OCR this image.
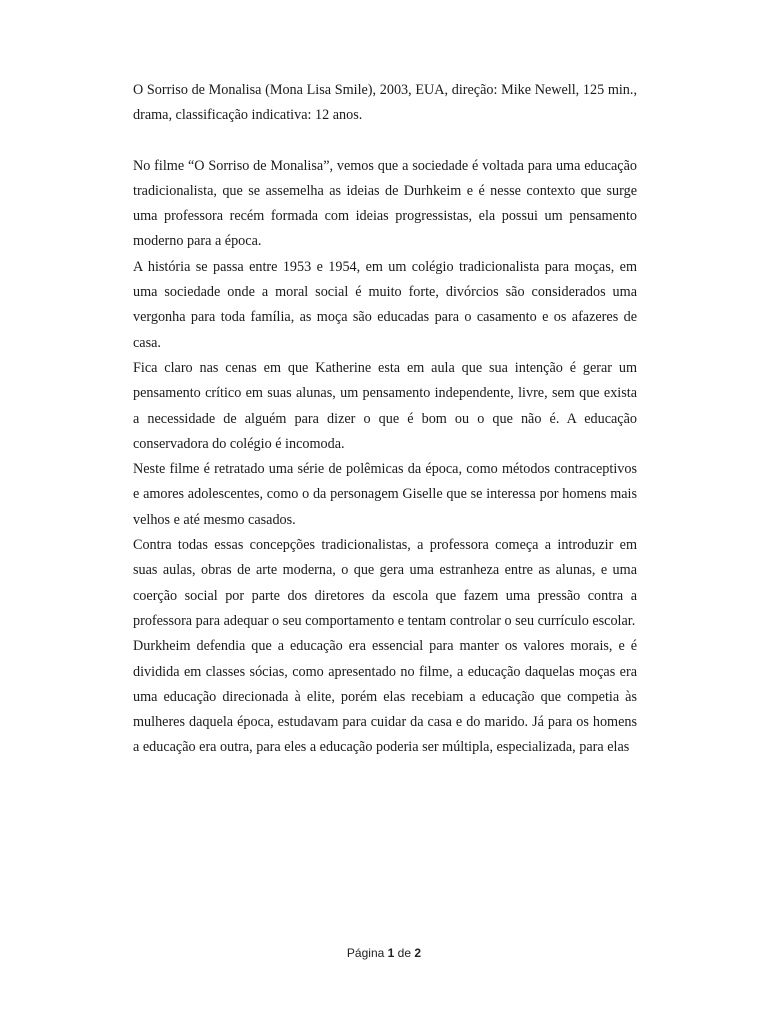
O Sorriso de Monalisa (Mona Lisa Smile), 2003, EUA, direção: Mike Newell, 125 min., drama, classificação indicativa: 12 anos.

No filme “O Sorriso de Monalisa”, vemos que a sociedade é voltada para uma educação tradicionalista, que se assemelha as ideias de Durhkeim e é nesse contexto que surge uma professora recém formada com ideias progressistas, ela possui um pensamento moderno para a época.

A história se passa entre 1953 e 1954, em um colégio tradicionalista para moças, em uma sociedade onde a moral social é muito forte, divórcios são considerados uma vergonha para toda família, as moça são educadas para o casamento e os afazeres de casa.

Fica claro nas cenas em que Katherine esta em aula que sua intenção é gerar um pensamento crítico em suas alunas, um pensamento independente, livre, sem que exista a necessidade de alguém para dizer o que é bom ou o que não é. A educação conservadora do colégio é incomoda.

Neste filme é retratado uma série de polêmicas da época, como métodos contraceptivos e amores adolescentes, como o da personagem Giselle que se interessa por homens mais velhos e até mesmo casados.

Contra todas essas concepções tradicionalistas, a professora começa a introduzir em suas aulas, obras de arte moderna, o que gera uma estranheza entre as alunas, e uma coerção social por parte dos diretores da escola que fazem uma pressão contra a professora para adequar o seu comportamento e tentam controlar o seu currículo escolar.

Durkheim defendia que a educação era essencial para manter os valores morais, e é dividida em classes sócias, como apresentado no filme, a educação daquelas moças era uma educação direcionada à elite, porém elas recebiam a educação que competia às mulheres daquela época, estudavam para cuidar da casa e do marido. Já para os homens a educação era outra, para eles a educação poderia ser múltipla, especializada, para elas

Página 1 de 2
